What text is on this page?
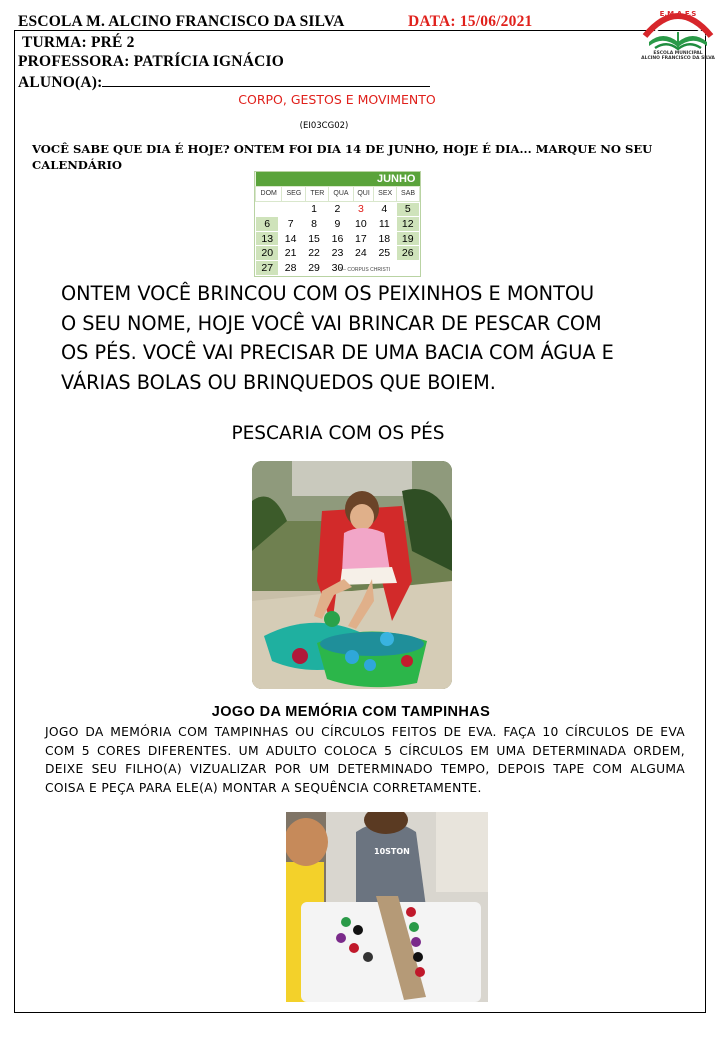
ESCOLA M. ALCINO FRANCISCO DA SILVA	DATA: 15/06/2021
TURMA: PRÉ 2
PROFESSORA: PATRÍCIA IGNÁCIO
ALUNO(A):
E.M.A.F.S
ESCOLA MUNICIPAL
ALCINO FRANCISCO DA SILVA
CORPO, GESTOS E MOVIMENTO
(EI03CG02)
VOCÊ SABE QUE DIA É HOJE? ONTEM FOI DIA 14 DE JUNHO, HOJE É DIA... MARQUE NO SEU CALENDÁRIO
JUNHO
DOM	SEG	TER	QUA	QUI	SEX	SAB
		1	2	3	4	5
6	7	8	9	10	11	12
13	14	15	16	17	18	19
20	21	22	23	24	25	26
27	28	29	30			
3 – CORPUS CHRISTI
ONTEM VOCÊ BRINCOU COM OS PEIXINHOS E MONTOU
O SEU NOME, HOJE VOCÊ VAI BRINCAR DE PESCAR COM
OS PÉS. VOCÊ VAI PRECISAR DE UMA BACIA COM ÁGUA E
VÁRIAS BOLAS OU BRINQUEDOS QUE BOIEM.
PESCARIA COM OS PÉS
JOGO DA MEMÓRIA COM TAMPINHAS
JOGO DA MEMÓRIA COM TAMPINHAS OU CÍRCULOS FEITOS DE EVA. FAÇA 10 CÍRCULOS DE EVA COM 5 CORES DIFERENTES. UM ADULTO COLOCA 5 CÍRCULOS EM UMA DETERMINADA ORDEM, DEIXE SEU FILHO(A) VIZUALIZAR POR UM DETERMINADO TEMPO, DEPOIS TAPE COM ALGUMA COISA E PEÇA PARA ELE(A) MONTAR A SEQUÊNCIA CORRETAMENTE.
10STON
